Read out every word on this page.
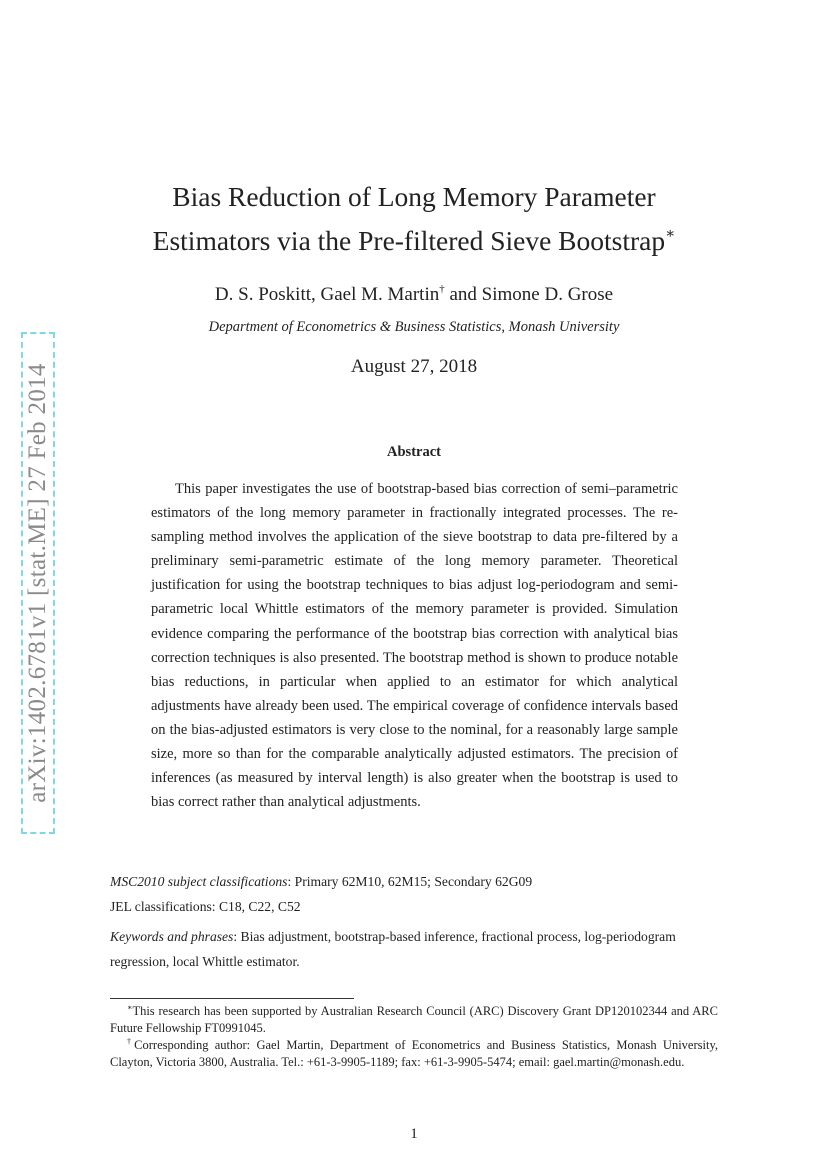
arXiv:1402.6781v1 [stat.ME] 27 Feb 2014
Bias Reduction of Long Memory Parameter
Estimators via the Pre-filtered Sieve Bootstrap∗
D. S. Poskitt, Gael M. Martin† and Simone D. Grose
Department of Econometrics & Business Statistics, Monash University
August 27, 2018
Abstract

This paper investigates the use of bootstrap-based bias correction of semi–parametric estimators of the long memory parameter in fractionally integrated processes. The re-sampling method involves the application of the sieve bootstrap to data pre-filtered by a preliminary semi-parametric estimate of the long memory parameter. Theoretical justification for using the bootstrap techniques to bias adjust log-periodogram and semi-parametric local Whittle estimators of the memory parameter is provided. Simulation evidence comparing the performance of the bootstrap bias correction with analytical bias correction techniques is also presented. The bootstrap method is shown to produce notable bias reductions, in particular when applied to an estimator for which analytical adjustments have already been used. The empirical coverage of confidence intervals based on the bias-adjusted estimators is very close to the nominal, for a reasonably large sample size, more so than for the comparable analytically adjusted estimators. The precision of inferences (as measured by interval length) is also greater when the bootstrap is used to bias correct rather than analytical adjustments.

MSC2010 subject classifications: Primary 62M10, 62M15; Secondary 62G09

JEL classifications: C18, C22, C52

Keywords and phrases: Bias adjustment, bootstrap-based inference, fractional process, log-periodogram regression, local Whittle estimator.

∗This research has been supported by Australian Research Council (ARC) Discovery Grant DP120102344 and ARC Future Fellowship FT0991045.

†Corresponding author: Gael Martin, Department of Econometrics and Business Statistics, Monash University, Clayton, Victoria 3800, Australia. Tel.: +61-3-9905-1189; fax: +61-3-9905-5474; email: gael.martin@monash.edu.

1
